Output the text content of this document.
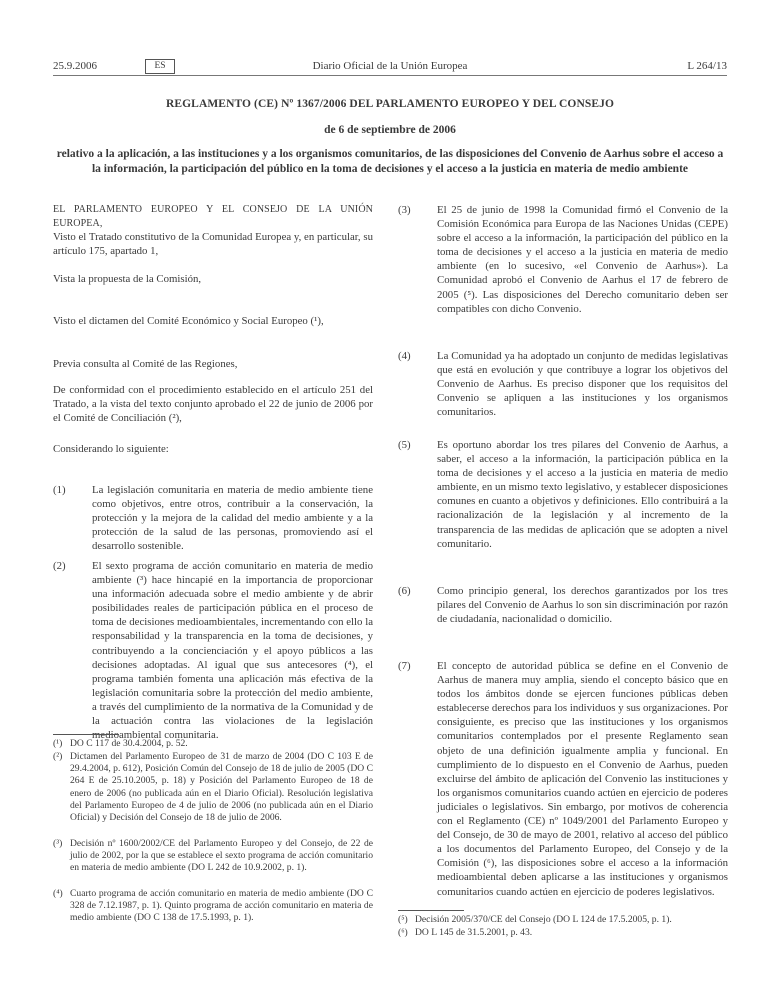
25.9.2006	ES	Diario Oficial de la Unión Europea	L 264/13
REGLAMENTO (CE) Nº 1367/2006 DEL PARLAMENTO EUROPEO Y DEL CONSEJO
de 6 de septiembre de 2006
relativo a la aplicación, a las instituciones y a los organismos comunitarios, de las disposiciones del Convenio de Aarhus sobre el acceso a la información, la participación del público en la toma de decisiones y el acceso a la justicia en materia de medio ambiente

EL PARLAMENTO EUROPEO Y EL CONSEJO DE LA UNIÓN EUROPEA,

Visto el Tratado constitutivo de la Comunidad Europea y, en particular, su artículo 175, apartado 1,

Vista la propuesta de la Comisión,

Visto el dictamen del Comité Económico y Social Europeo (¹),

Previa consulta al Comité de las Regiones,

De conformidad con el procedimiento establecido en el artículo 251 del Tratado, a la vista del texto conjunto aprobado el 22 de junio de 2006 por el Comité de Conciliación (²),

Considerando lo siguiente:

(1)	La legislación comunitaria en materia de medio ambiente tiene como objetivos, entre otros, contribuir a la conservación, la protección y la mejora de la calidad del medio ambiente y a la protección de la salud de las personas, promoviendo así el desarrollo sostenible.
(2)	El sexto programa de acción comunitario en materia de medio ambiente (³) hace hincapié en la importancia de proporcionar una información adecuada sobre el medio ambiente y de abrir posibilidades reales de participación pública en el proceso de toma de decisiones medioambientales, incrementando con ello la responsabilidad y la transparencia en la toma de decisiones, y contribuyendo a la concienciación y el apoyo públicos a las decisiones adoptadas. Al igual que sus antecesores (⁴), el programa también fomenta una aplicación más efectiva de la legislación comunitaria sobre la protección del medio ambiente, a través del cumplimiento de la normativa de la Comunidad y de la actuación contra las violaciones de la legislación medioambiental comunitaria.
(¹) DO C 117 de 30.4.2004, p. 52.
(²) Dictamen del Parlamento Europeo de 31 de marzo de 2004 (DO C 103 E de 29.4.2004, p. 612), Posición Común del Consejo de 18 de julio de 2005 (DO C 264 E de 25.10.2005, p. 18) y Posición del Parlamento Europeo de 18 de enero de 2006 (no publicada aún en el Diario Oficial). Resolución legislativa del Parlamento Europeo de 4 de julio de 2006 (no publicada aún en el Diario Oficial) y Decisión del Consejo de 18 de julio de 2006.
(³) Decisión nº 1600/2002/CE del Parlamento Europeo y del Consejo, de 22 de julio de 2002, por la que se establece el sexto programa de acción comunitario en materia de medio ambiente (DO L 242 de 10.9.2002, p. 1).
(⁴) Cuarto programa de acción comunitario en materia de medio ambiente (DO C 328 de 7.12.1987, p. 1). Quinto programa de acción comunitario en materia de medio ambiente (DO C 138 de 17.5.1993, p. 1).
(3)	El 25 de junio de 1998 la Comunidad firmó el Convenio de la Comisión Económica para Europa de las Naciones Unidas (CEPE) sobre el acceso a la información, la participación del público en la toma de decisiones y el acceso a la justicia en materia de medio ambiente (en lo sucesivo, «el Convenio de Aarhus»). La Comunidad aprobó el Convenio de Aarhus el 17 de febrero de 2005 (⁵). Las disposiciones del Derecho comunitario deben ser compatibles con dicho Convenio.
(4)	La Comunidad ya ha adoptado un conjunto de medidas legislativas que está en evolución y que contribuye a lograr los objetivos del Convenio de Aarhus. Es preciso disponer que los requisitos del Convenio se apliquen a las instituciones y los organismos comunitarios.
(5)	Es oportuno abordar los tres pilares del Convenio de Aarhus, a saber, el acceso a la información, la participación pública en la toma de decisiones y el acceso a la justicia en materia de medio ambiente, en un mismo texto legislativo, y establecer disposiciones comunes en cuanto a objetivos y definiciones. Ello contribuirá a la racionalización de la legislación y al incremento de la transparencia de las medidas de aplicación que se adopten a nivel comunitario.
(6)	Como principio general, los derechos garantizados por los tres pilares del Convenio de Aarhus lo son sin discriminación por razón de ciudadanía, nacionalidad o domicilio.
(7)	El concepto de autoridad pública se define en el Convenio de Aarhus de manera muy amplia, siendo el concepto básico que en todos los ámbitos donde se ejercen funciones públicas deben establecerse derechos para los individuos y sus organizaciones. Por consiguiente, es preciso que las instituciones y los organismos comunitarios contemplados por el presente Reglamento sean objeto de una definición igualmente amplia y funcional. En cumplimiento de lo dispuesto en el Convenio de Aarhus, pueden excluirse del ámbito de aplicación del Convenio las instituciones y los organismos comunitarios cuando actúen en ejercicio de poderes judiciales o legislativos. Sin embargo, por motivos de coherencia con el Reglamento (CE) nº 1049/2001 del Parlamento Europeo y del Consejo, de 30 de mayo de 2001, relativo al acceso del público a los documentos del Parlamento Europeo, del Consejo y de la Comisión (⁶), las disposiciones sobre el acceso a la información medioambiental deben aplicarse a las instituciones y organismos comunitarios cuando actúen en ejercicio de poderes legislativos.
(⁵) Decisión 2005/370/CE del Consejo (DO L 124 de 17.5.2005, p. 1).
(⁶) DO L 145 de 31.5.2001, p. 43.
